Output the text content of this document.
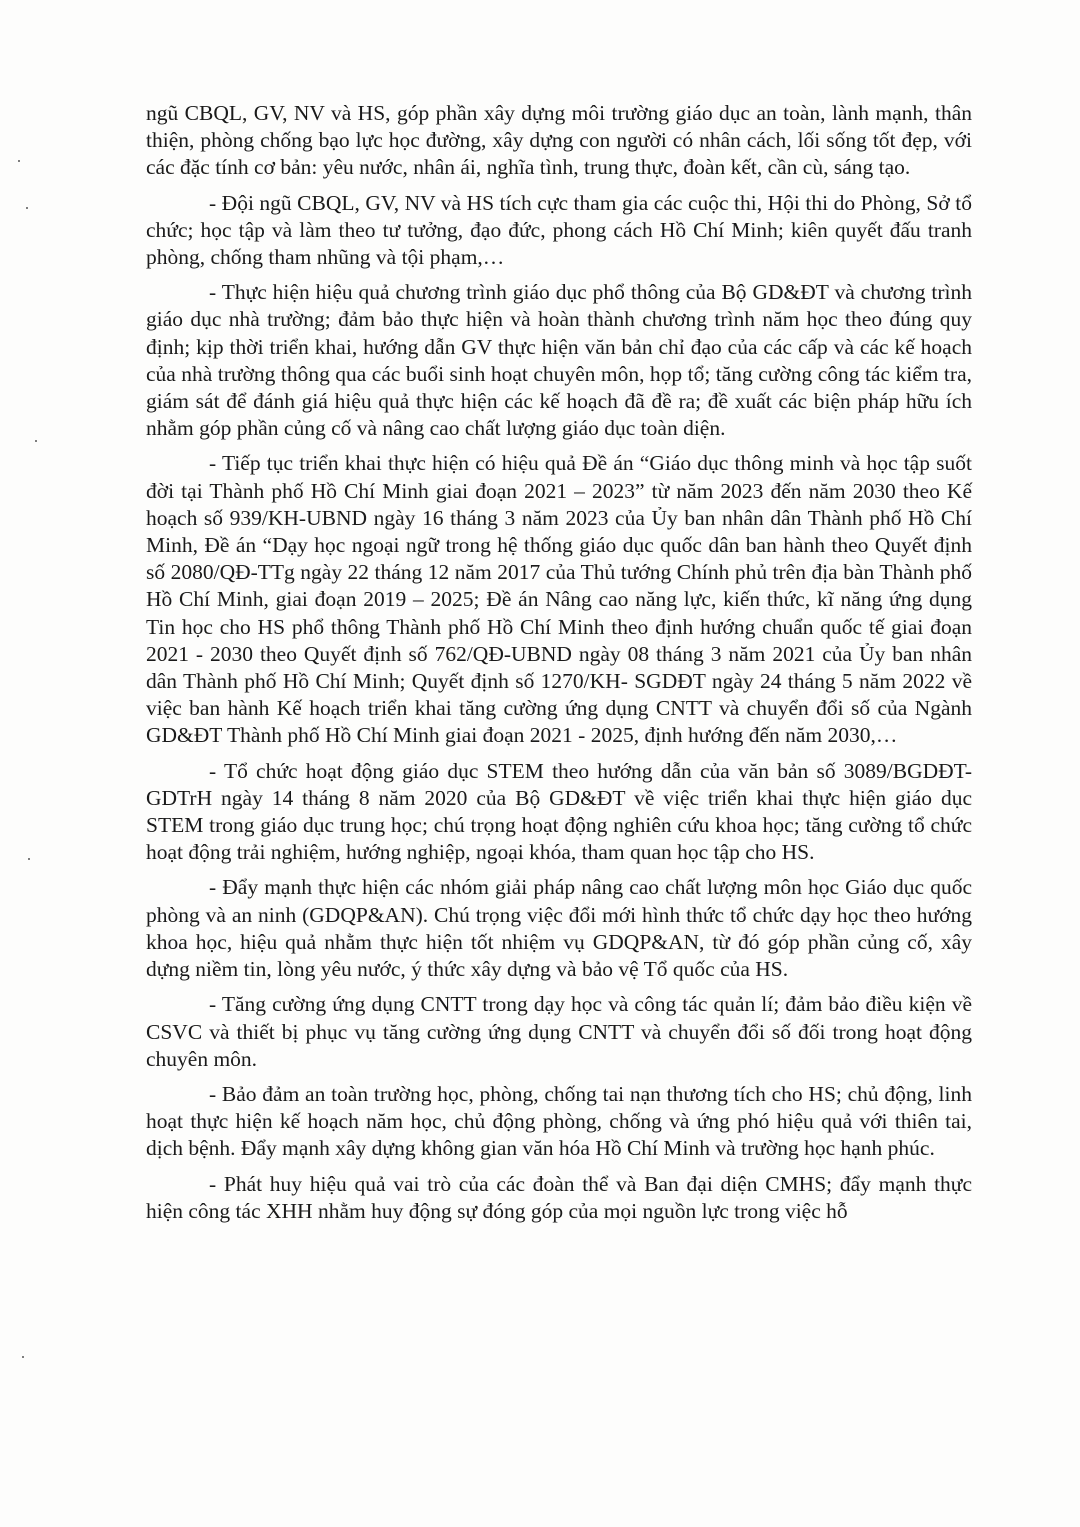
ngũ CBQL, GV, NV và HS, góp phần xây dựng môi trường giáo dục an toàn, lành mạnh, thân thiện, phòng chống bạo lực học đường, xây dựng con người có nhân cách, lối sống tốt đẹp, với các đặc tính cơ bản: yêu nước, nhân ái, nghĩa tình, trung thực, đoàn kết, cần cù, sáng tạo.

- Đội ngũ CBQL, GV, NV và HS tích cực tham gia các cuộc thi, Hội thi do Phòng, Sở tổ chức; học tập và làm theo tư tưởng, đạo đức, phong cách Hồ Chí Minh; kiên quyết đấu tranh phòng, chống tham nhũng và tội phạm,…

- Thực hiện hiệu quả chương trình giáo dục phổ thông của Bộ GD&ĐT và chương trình giáo dục nhà trường; đảm bảo thực hiện và hoàn thành chương trình năm học theo đúng quy định; kịp thời triển khai, hướng dẫn GV thực hiện văn bản chỉ đạo của các cấp và các kế hoạch của nhà trường thông qua các buổi sinh hoạt chuyên môn, họp tổ; tăng cường công tác kiểm tra, giám sát để đánh giá hiệu quả thực hiện các kế hoạch đã đề ra; đề xuất các biện pháp hữu ích nhằm góp phần củng cố và nâng cao chất lượng giáo dục toàn diện.

- Tiếp tục triển khai thực hiện có hiệu quả Đề án “Giáo dục thông minh và học tập suốt đời tại Thành phố Hồ Chí Minh giai đoạn 2021 – 2023” từ năm 2023 đến năm 2030 theo Kế hoạch số 939/KH-UBND ngày 16 tháng 3 năm 2023 của Ủy ban nhân dân Thành phố Hồ Chí Minh, Đề án “Dạy học ngoại ngữ trong hệ thống giáo dục quốc dân ban hành theo Quyết định số 2080/QĐ-TTg ngày 22 tháng 12 năm 2017 của Thủ tướng Chính phủ trên địa bàn Thành phố Hồ Chí Minh, giai đoạn 2019 – 2025; Đề án Nâng cao năng lực, kiến thức, kĩ năng ứng dụng Tin học cho HS phổ thông Thành phố Hồ Chí Minh theo định hướng chuẩn quốc tế giai đoạn 2021 - 2030 theo Quyết định số 762/QĐ-UBND ngày 08 tháng 3 năm 2021 của Ủy ban nhân dân Thành phố Hồ Chí Minh; Quyết định số 1270/KH- SGDĐT ngày 24 tháng 5 năm 2022 về việc ban hành Kế hoạch triển khai tăng cường ứng dụng CNTT và chuyển đổi số của Ngành GD&ĐT Thành phố Hồ Chí Minh giai đoạn 2021 - 2025, định hướng đến năm 2030,…

- Tổ chức hoạt động giáo dục STEM theo hướng dẫn của văn bản số 3089/BGDĐT-GDTrH ngày 14 tháng 8 năm 2020 của Bộ GD&ĐT về việc triển khai thực hiện giáo dục STEM trong giáo dục trung học; chú trọng hoạt động nghiên cứu khoa học; tăng cường tổ chức hoạt động trải nghiệm, hướng nghiệp, ngoại khóa, tham quan học tập cho HS.

- Đẩy mạnh thực hiện các nhóm giải pháp nâng cao chất lượng môn học Giáo dục quốc phòng và an ninh (GDQP&AN). Chú trọng việc đổi mới hình thức tổ chức dạy học theo hướng khoa học, hiệu quả nhằm thực hiện tốt nhiệm vụ GDQP&AN, từ đó góp phần củng cố, xây dựng niềm tin, lòng yêu nước, ý thức xây dựng và bảo vệ Tổ quốc của HS.

- Tăng cường ứng dụng CNTT trong dạy học và công tác quản lí; đảm bảo điều kiện về CSVC và thiết bị phục vụ tăng cường ứng dụng CNTT và chuyển đổi số đối trong hoạt động chuyên môn.

- Bảo đảm an toàn trường học, phòng, chống tai nạn thương tích cho HS; chủ động, linh hoạt thực hiện kế hoạch năm học, chủ động phòng, chống và ứng phó hiệu quả với thiên tai, dịch bệnh. Đẩy mạnh xây dựng không gian văn hóa Hồ Chí Minh và trường học hạnh phúc.

- Phát huy hiệu quả vai trò của các đoàn thể và Ban đại diện CMHS; đẩy mạnh thực hiện công tác XHH nhằm huy động sự đóng góp của mọi nguồn lực trong việc hỗ
